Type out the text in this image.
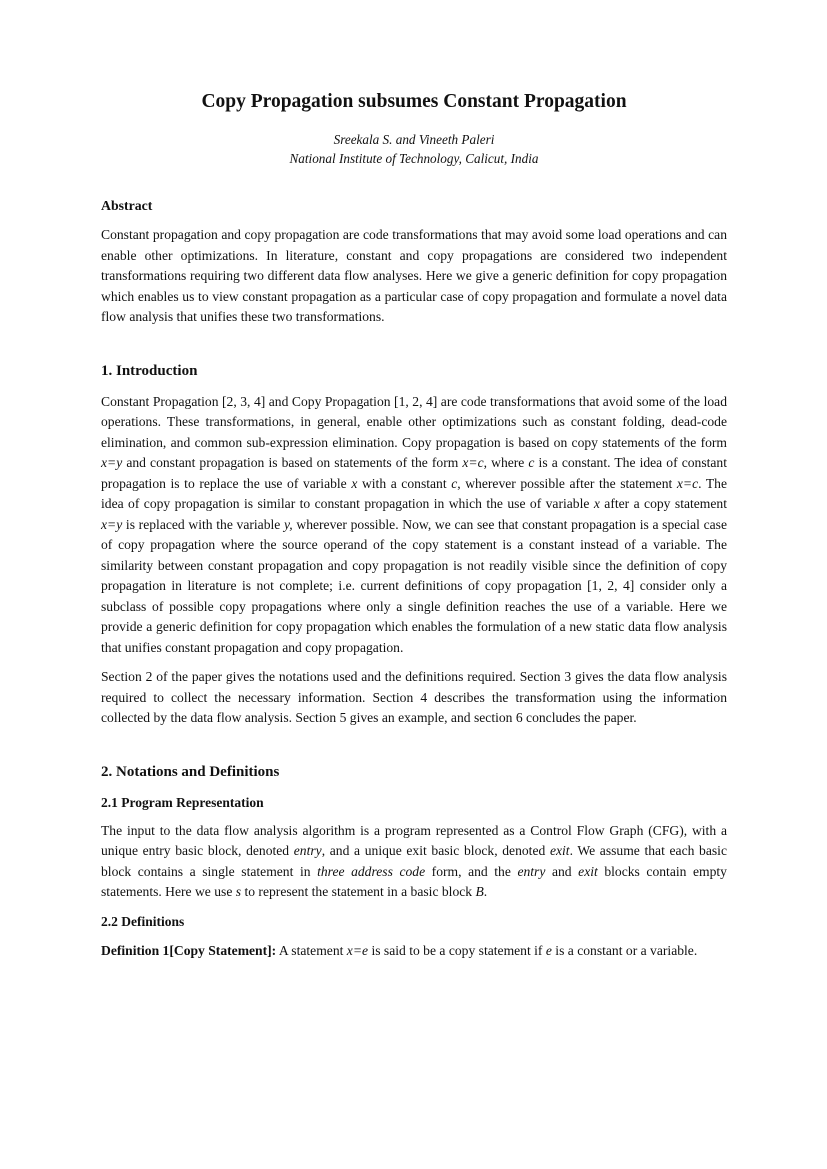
Copy Propagation subsumes Constant Propagation
Sreekala S. and Vineeth Paleri
National Institute of Technology, Calicut, India
Abstract

Constant propagation and copy propagation are code transformations that may avoid some load operations and can enable other optimizations. In literature, constant and copy propagations are considered two independent transformations requiring two different data flow analyses. Here we give a generic definition for copy propagation which enables us to view constant propagation as a particular case of copy propagation and formulate a novel data flow analysis that unifies these two transformations.

1. Introduction

Constant Propagation [2, 3, 4] and Copy Propagation [1, 2, 4] are code transformations that avoid some of the load operations. These transformations, in general, enable other optimizations such as constant folding, dead-code elimination, and common sub-expression elimination. Copy propagation is based on copy statements of the form x=y and constant propagation is based on statements of the form x=c, where c is a constant. The idea of constant propagation is to replace the use of variable x with a constant c, wherever possible after the statement x=c. The idea of copy propagation is similar to constant propagation in which the use of variable x after a copy statement x=y is replaced with the variable y, wherever possible. Now, we can see that constant propagation is a special case of copy propagation where the source operand of the copy statement is a constant instead of a variable. The similarity between constant propagation and copy propagation is not readily visible since the definition of copy propagation in literature is not complete; i.e. current definitions of copy propagation [1, 2, 4] consider only a subclass of possible copy propagations where only a single definition reaches the use of a variable. Here we provide a generic definition for copy propagation which enables the formulation of a new static data flow analysis that unifies constant propagation and copy propagation.

Section 2 of the paper gives the notations used and the definitions required. Section 3 gives the data flow analysis required to collect the necessary information. Section 4 describes the transformation using the information collected by the data flow analysis. Section 5 gives an example, and section 6 concludes the paper.

2. Notations and Definitions
2.1 Program Representation

The input to the data flow analysis algorithm is a program represented as a Control Flow Graph (CFG), with a unique entry basic block, denoted entry, and a unique exit basic block, denoted exit. We assume that each basic block contains a single statement in three address code form, and the entry and exit blocks contain empty statements. Here we use s to represent the statement in a basic block B.

2.2 Definitions

Definition 1[Copy Statement]: A statement x=e is said to be a copy statement if e is a constant or a variable.
